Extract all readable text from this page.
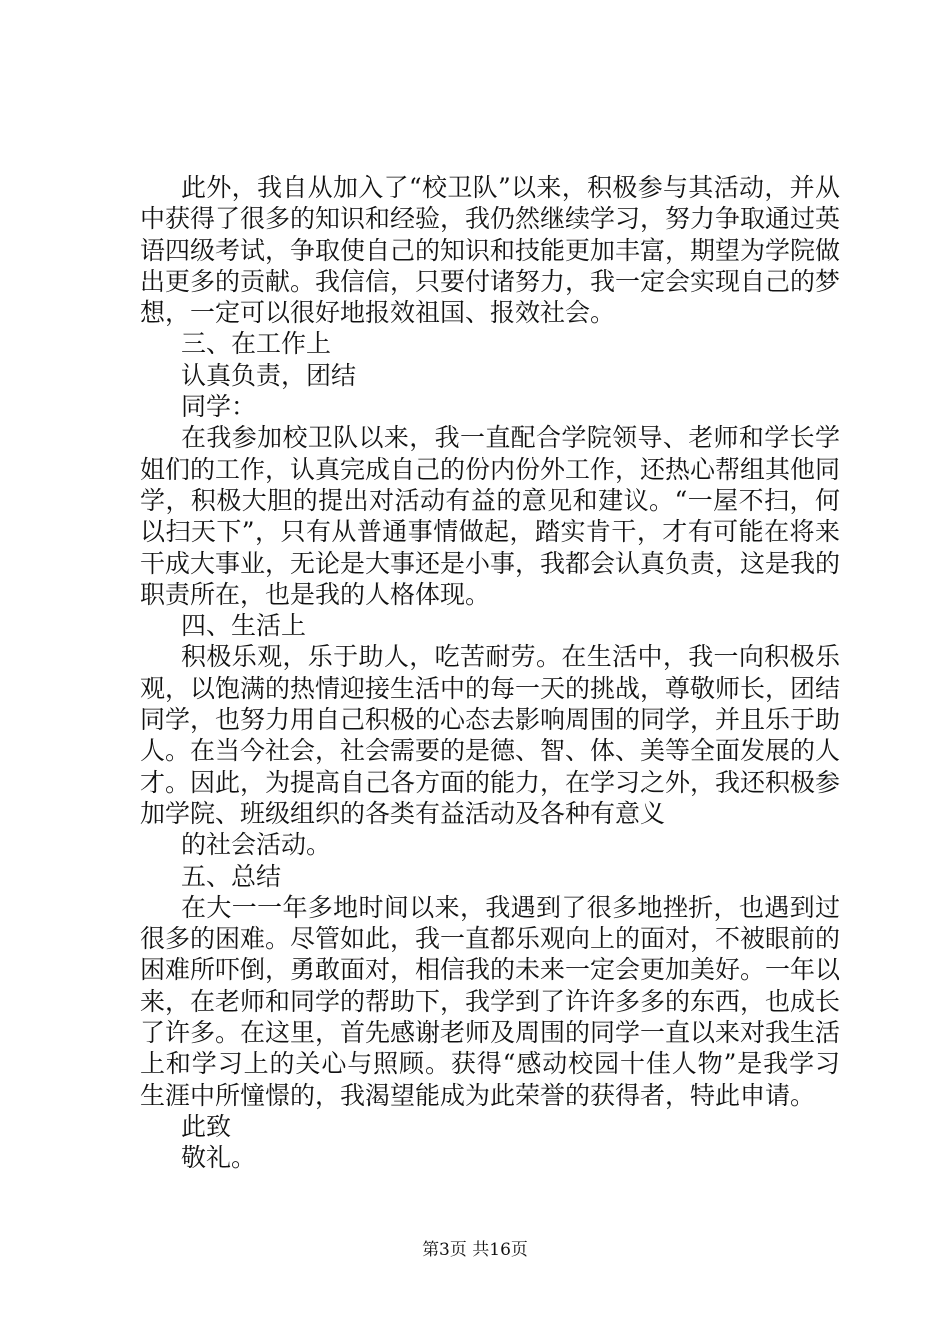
此外，我自从加入了“校卫队”以来，积极参与其活动，并从中获得了很多的知识和经验，我仍然继续学习，努力争取通过英语四级考试，争取使自己的知识和技能更加丰富，期望为学院做出更多的贡献。我信信，只要付诸努力，我一定会实现自己的梦想，一定可以很好地报效祖国、报效社会。

三、在工作上

认真负责，团结

同学：

在我参加校卫队以来，我一直配合学院领导、老师和学长学姐们的工作，认真完成自己的份内份外工作，还热心帮组其他同学，积极大胆的提出对活动有益的意见和建议。“一屋不扫，何以扫天下”，只有从普通事情做起，踏实肯干，才有可能在将来干成大事业，无论是大事还是小事，我都会认真负责，这是我的职责所在，也是我的人格体现。

四、生活上

积极乐观，乐于助人，吃苦耐劳。在生活中，我一向积极乐观，以饱满的热情迎接生活中的每一天的挑战，尊敬师长，团结同学，也努力用自己积极的心态去影响周围的同学，并且乐于助人。在当今社会，社会需要的是德、智、体、美等全面发展的人才。因此，为提高自己各方面的能力，在学习之外，我还积极参加学院、班级组织的各类有益活动及各种有意义

的社会活动。

五、总结

在大一一年多地时间以来，我遇到了很多地挫折，也遇到过很多的困难。尽管如此，我一直都乐观向上的面对，不被眼前的困难所吓倒，勇敢面对，相信我的未来一定会更加美好。一年以来，在老师和同学的帮助下，我学到了许许多多的东西，也成长了许多。在这里，首先感谢老师及周围的同学一直以来对我生活上和学习上的关心与照顾。获得“感动校园十佳人物”是我学习生涯中所憧憬的，我渴望能成为此荣誉的获得者，特此申请。

此致

敬礼。

第3页 共16页
